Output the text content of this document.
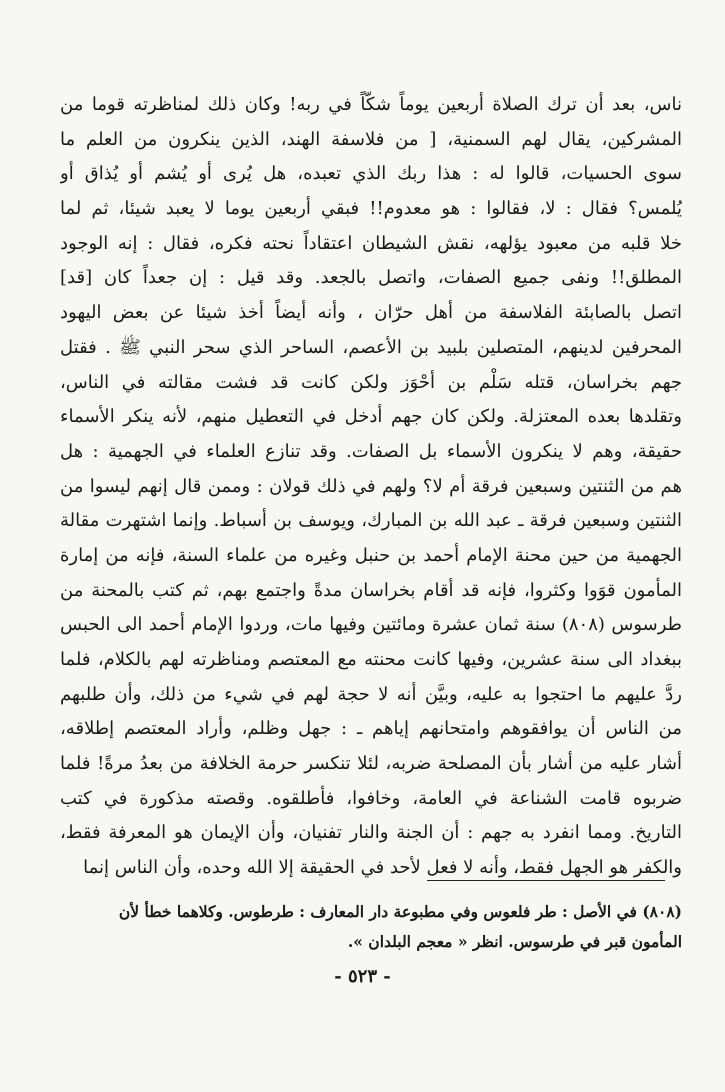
ناس، بعد أن ترك الصلاة أربعين يوماً شكّاً في ربه! وكان ذلك لمناظرته قوما من
المشركين، يقال لهم السمنية، [ من فلاسفة الهند، الذين ينكرون من العلم ما
سوى الحسيات، قالوا له : هذا ربك الذي تعبده، هل يُرى أو يُشم أو يُذاق أو
يُلمس؟ فقال : لا، فقالوا : هو معدوم!! فبقي أربعين يوما لا يعبد شيئا، ثم لما
خلا قلبه من معبود يؤلهه، نقش الشيطان اعتقاداً نحته فكره، فقال : إنه الوجود
المطلق!! ونفى جميع الصفات، واتصل بالجعد. وقد قيل : إن جعداً كان [قد]
اتصل بالصابئة الفلاسفة من أهل حرّان ، وأنه أيضاً أخذ شيئا عن بعض اليهود
المحرفين لدينهم، المتصلين بلبيد بن الأعصم، الساحر الذي سحر النبي ﷺ . فقتل
جهم بخراسان، قتله سَلْم بن أحْوَز ولكن كانت قد فشت مقالته في الناس،
وتقلدها بعده المعتزلة. ولكن كان جهم أدخل في التعطيل منهم، لأنه ينكر الأسماء
حقيقة، وهم لا ينكرون الأسماء بل الصفات. وقد تنازع العلماء في الجهمية : هل
هم من الثنتين وسبعين فرقة أم لا؟ ولهم في ذلك قولان : وممن قال إنهم ليسوا من
الثنتين وسبعين فرقة ـ عبد الله بن المبارك، ويوسف بن أسباط. وإنما اشتهرت مقالة
الجهمية من حين محنة الإمام أحمد بن حنبل وغيره من علماء السنة، فإنه من إمارة
المأمون قوَوا وكثروا، فإنه قد أقام بخراسان مدةً واجتمع بهم، ثم كتب بالمحنة من
طرسوس (٨٠٨) سنة ثمان عشرة ومائتين وفيها مات، وردوا الإمام أحمد الى الحبس
ببغداد الى سنة عشرين، وفيها كانت محنته مع المعتصم ومناظرته لهم بالكلام، فلما
ردَّ عليهم ما احتجوا به عليه، وبيَّن أنه لا حجة لهم في شيء من ذلك، وأن طلبهم
من الناس أن يوافقوهم وامتحانهم إياهم ـ : جهل وظلم، وأراد المعتصم إطلاقه،
أشار عليه من أشار بأن المصلحة ضربه، لئلا تنكسر حرمة الخلافة من بعدُ مرةً! فلما
ضربوه قامت الشناعة في العامة، وخافوا، فأطلقوه. وقصته مذكورة في كتب
التاريخ. ومما انفرد به جهم : أن الجنة والنار تفنيان، وأن الإيمان هو المعرفة فقط،
والكفر هو الجهل فقط، وأنه لا فعل لأحد في الحقيقة إلا الله وحده، وأن الناس إنما
(٨٠٨) في الأصل : طر فلعوس وفي مطبوعة دار المعارف : طرطوس. وكلاهما خطأ لأن
المأمون قبر في طرسوس. انظر « معجم البلدان ».
- ٥٢٣ -
